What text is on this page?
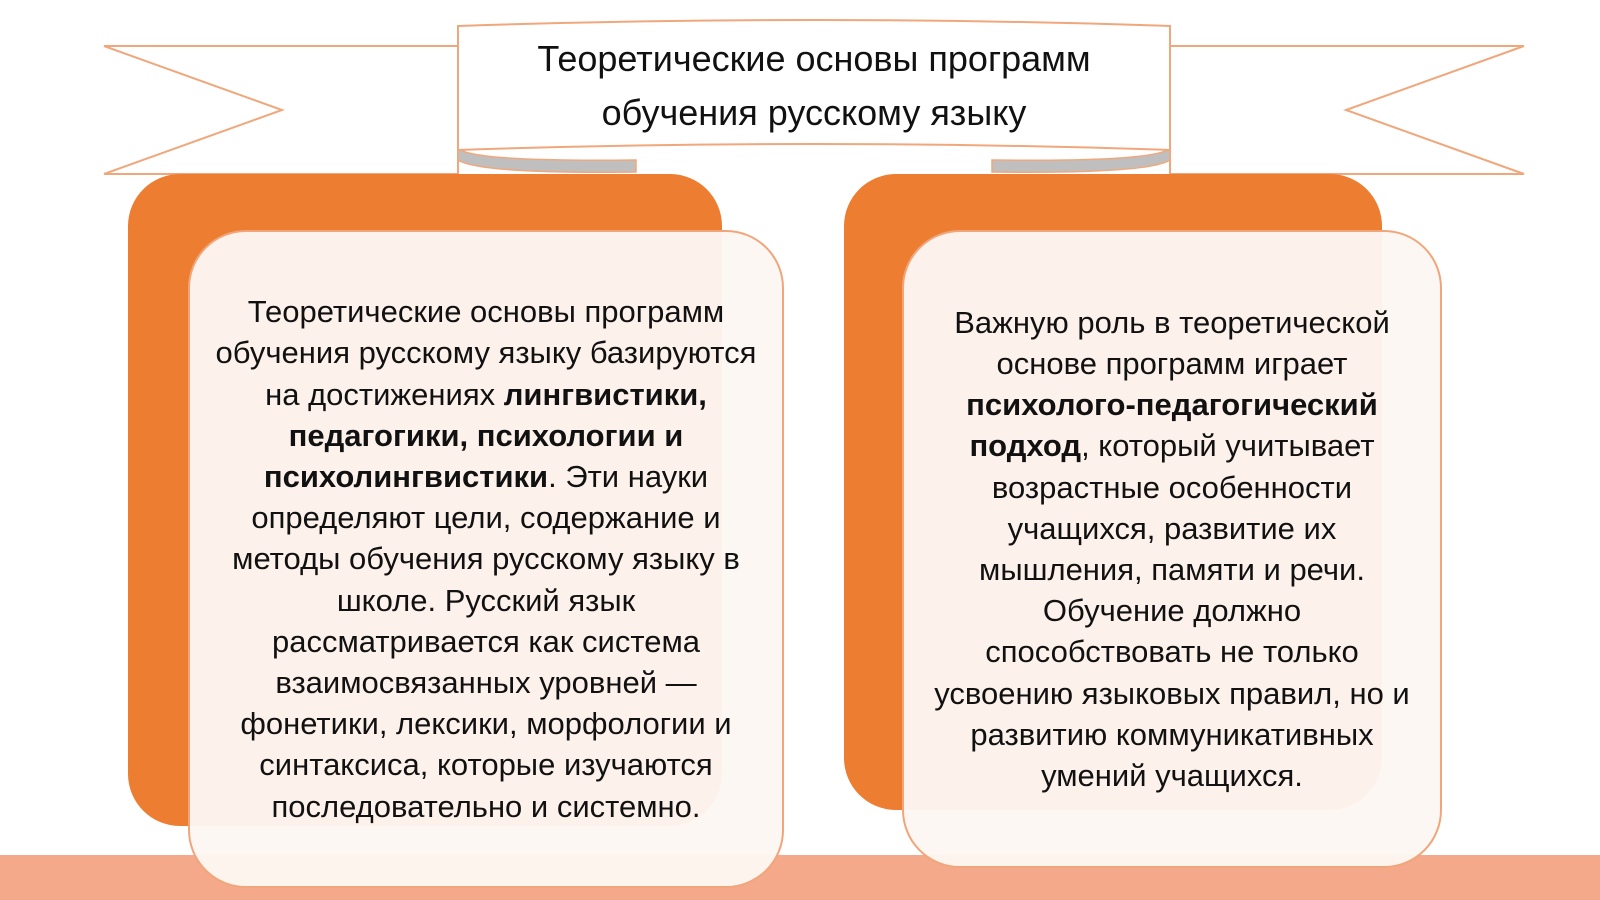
Теоретические основы программ
обучения русскому языку

Теоретические основы программ обучения русскому языку базируются на достижениях лингвистики, педагогики, психологии и психолингвистики. Эти науки определяют цели, содержание и методы обучения русскому языку в школе. Русский язык рассматривается как система взаимосвязанных уровней — фонетики, лексики, морфологии и синтаксиса, которые изучаются последовательно и системно.

Важную роль в теоретической основе программ играет психолого-педагогический подход, который учитывает возрастные особенности учащихся, развитие их мышления, памяти и речи. Обучение должно способствовать не только усвоению языковых правил, но и развитию коммуникативных умений учащихся.
